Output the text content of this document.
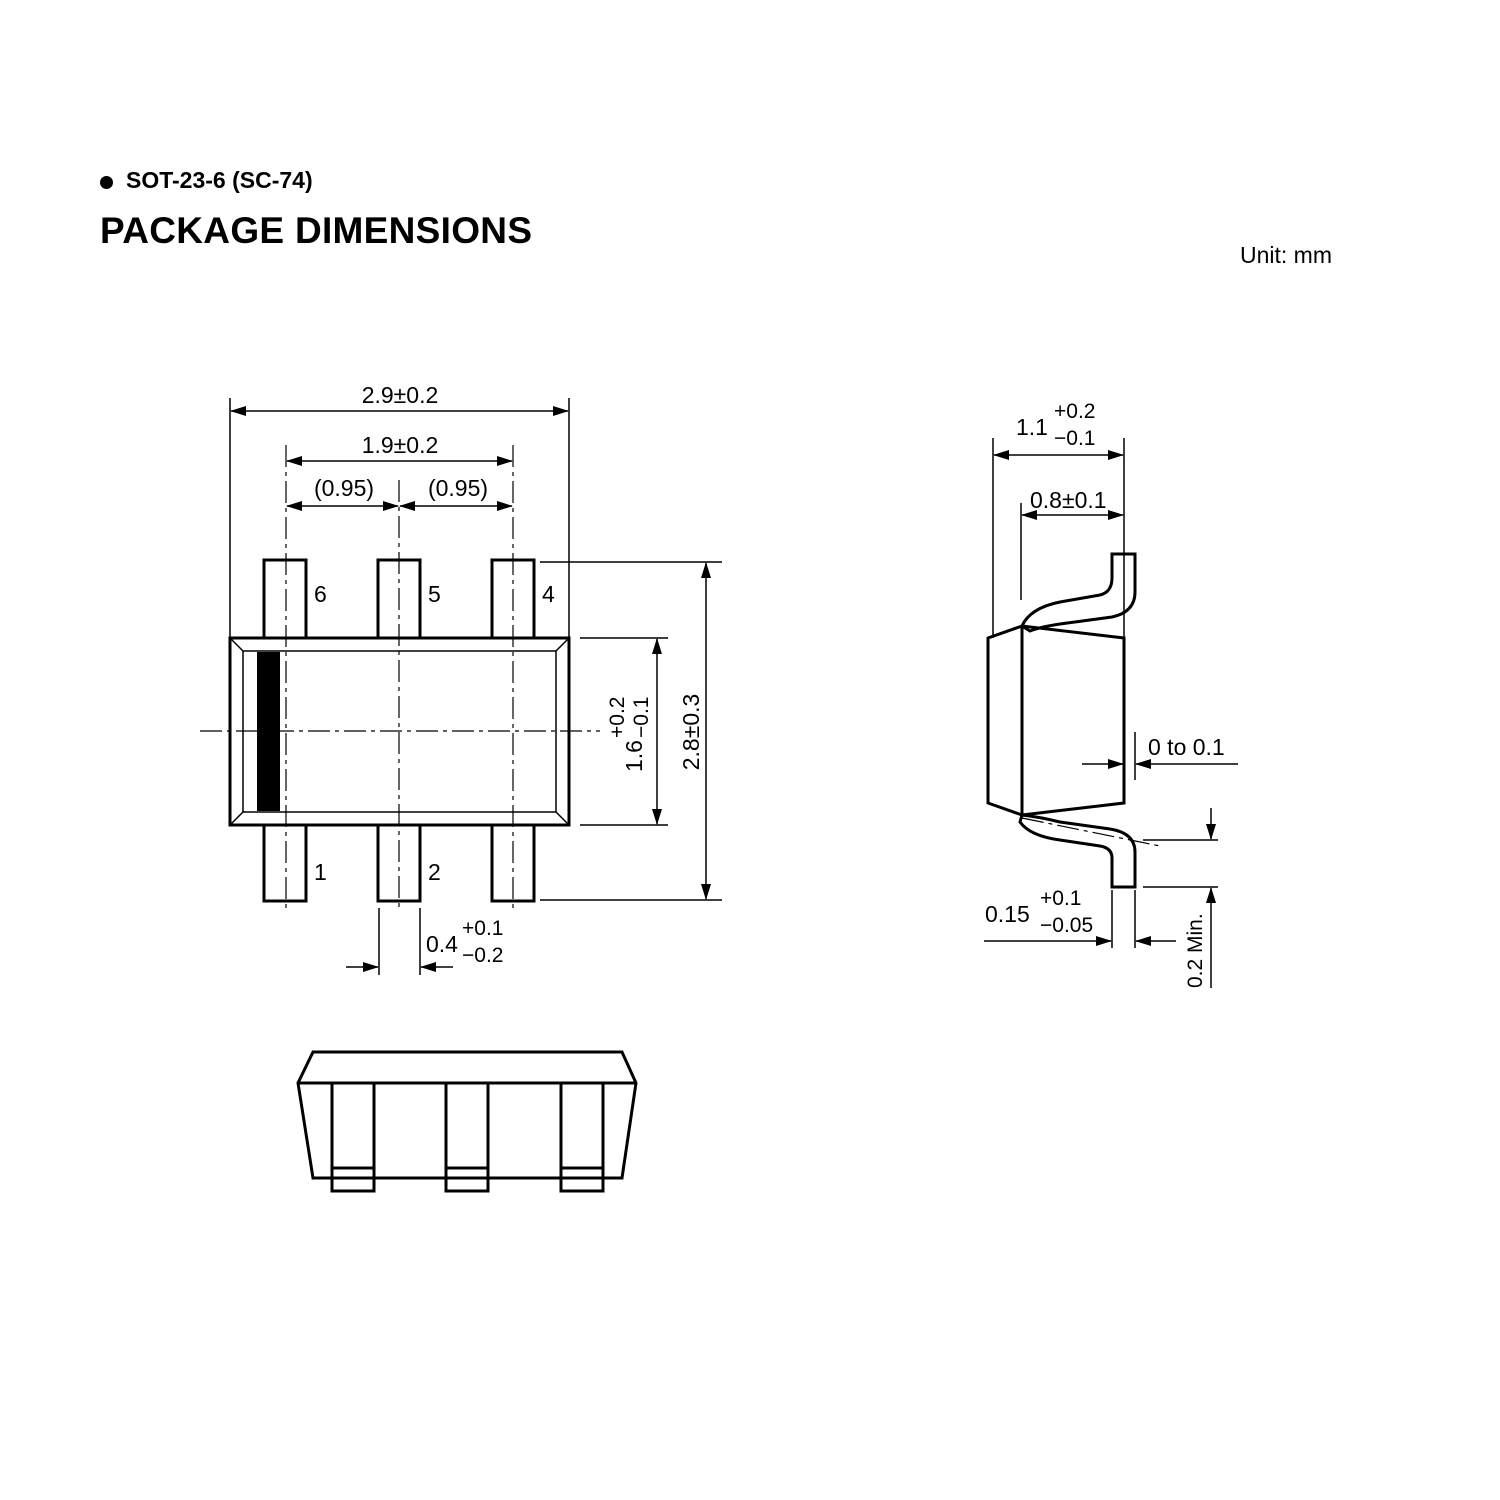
SOT-23-6 (SC-74)
PACKAGE DIMENSIONS
Unit: mm
6	5	4
1	2
2.9±0.2
1.9±0.2
(0.95) (0.95)
1.6
+0.2 −0.1 2.8±0.3
0.4
+0.1
−0.2
1.1
+0.2
−0.1
0.8±0.1
0 to 0.1
0.15
+0.1
−0.05	0.2 Min.
